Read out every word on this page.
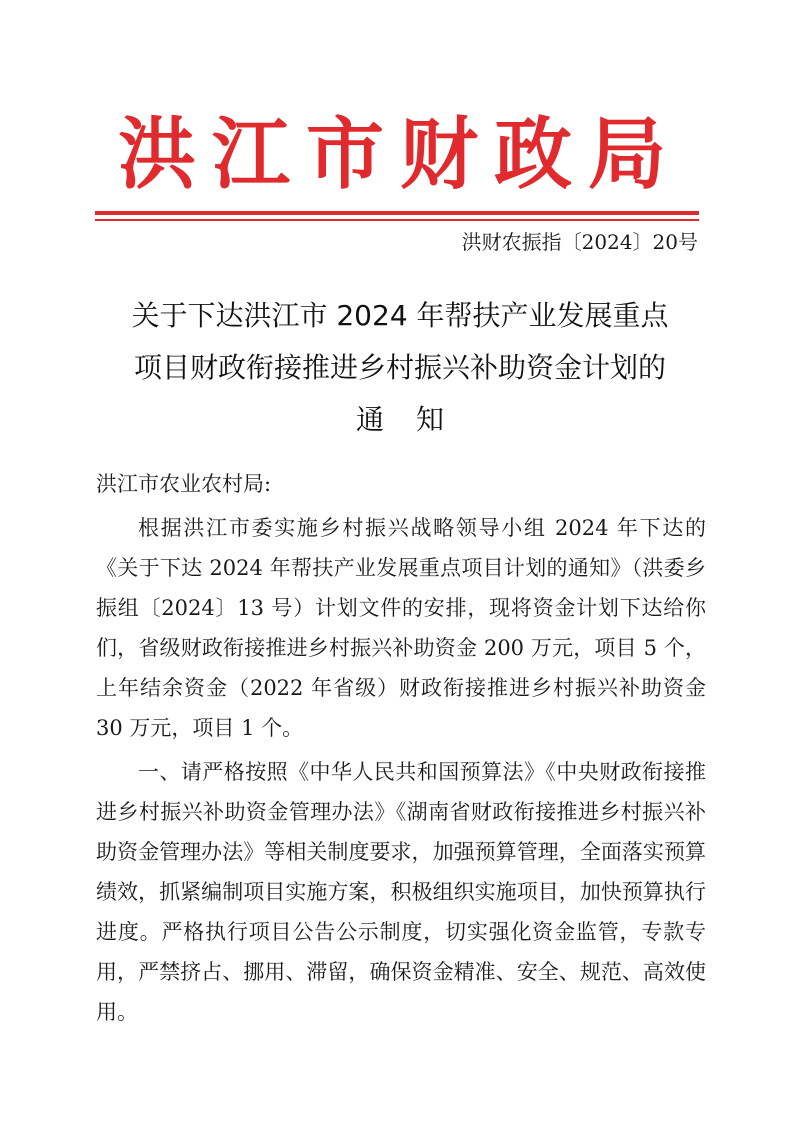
洪江市财政局
洪财农振指〔2024〕20号
关于下达洪江市 2024 年帮扶产业发展重点
项目财政衔接推进乡村振兴补助资金计划的
通知

洪江市农业农村局:

根据洪江市委实施乡村振兴战略领导小组 2024 年下达的《关于下达 2024 年帮扶产业发展重点项目计划的通知》（洪委乡振组〔2024〕13 号）计划文件的安排，现将资金计划下达给你们，省级财政衔接推进乡村振兴补助资金 200 万元，项目 5 个，上年结余资金（2022 年省级）财政衔接推进乡村振兴补助资金 30 万元，项目 1 个。

一、请严格按照《中华人民共和国预算法》《中央财政衔接推进乡村振兴补助资金管理办法》《湖南省财政衔接推进乡村振兴补助资金管理办法》等相关制度要求，加强预算管理，全面落实预算绩效，抓紧编制项目实施方案，积极组织实施项目，加快预算执行进度。严格执行项目公告公示制度，切实强化资金监管，专款专用，严禁挤占、挪用、滞留，确保资金精准、安全、规范、高效使用。
